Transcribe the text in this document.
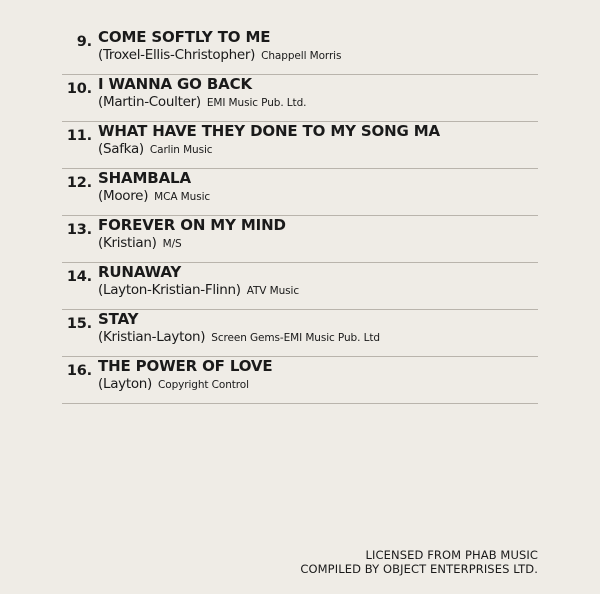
9. COME SOFTLY TO ME
(Troxel-Ellis-Christopher) Chappell Morris
10. I WANNA GO BACK
(Martin-Coulter) EMI Music Pub. Ltd.
11. WHAT HAVE THEY DONE TO MY SONG MA
(Safka) Carlin Music
12. SHAMBALA
(Moore) MCA Music
13. FOREVER ON MY MIND
(Kristian) M/S
14. RUNAWAY
(Layton-Kristian-Flinn) ATV Music
15. STAY
(Kristian-Layton) Screen Gems-EMI Music Pub. Ltd
16. THE POWER OF LOVE
(Layton) Copyright Control
LICENSED FROM PHAB MUSIC
COMPILED BY OBJECT ENTERPRISES LTD.
